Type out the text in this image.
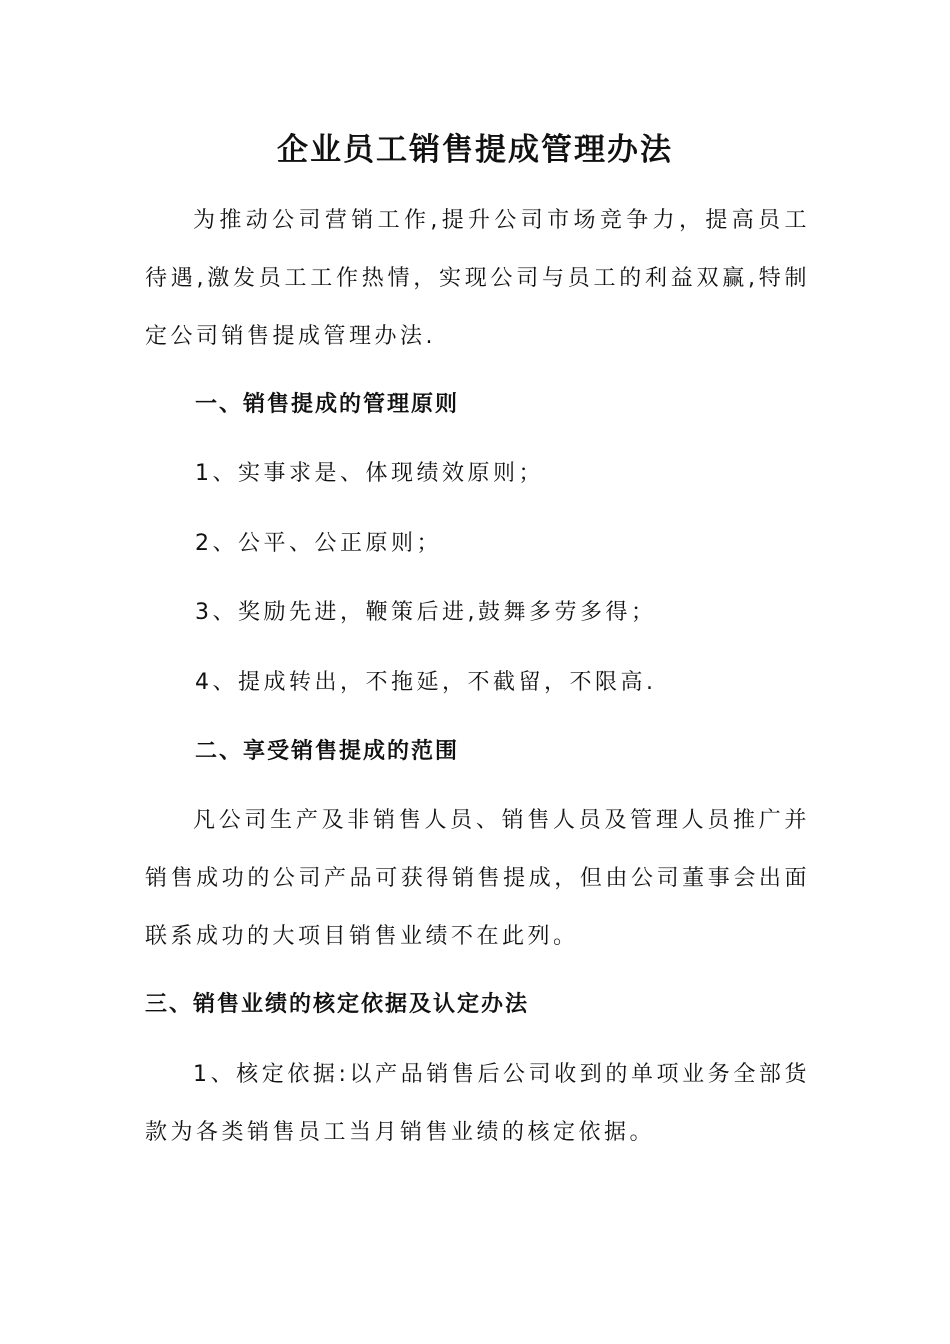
企业员工销售提成管理办法
为推动公司营销工作,提升公司市场竞争力，提高员工待遇,激发员工工作热情，实现公司与员工的利益双赢,特制定公司销售提成管理办法.
一、销售提成的管理原则
1、实事求是、体现绩效原则；
2、公平、公正原则；
3、奖励先进，鞭策后进,鼓舞多劳多得；
4、提成转出，不拖延，不截留，不限高.
二、享受销售提成的范围
凡公司生产及非销售人员、销售人员及管理人员推广并销售成功的公司产品可获得销售提成，但由公司董事会出面联系成功的大项目销售业绩不在此列。
三、销售业绩的核定依据及认定办法
1、核定依据:以产品销售后公司收到的单项业务全部货款为各类销售员工当月销售业绩的核定依据。
